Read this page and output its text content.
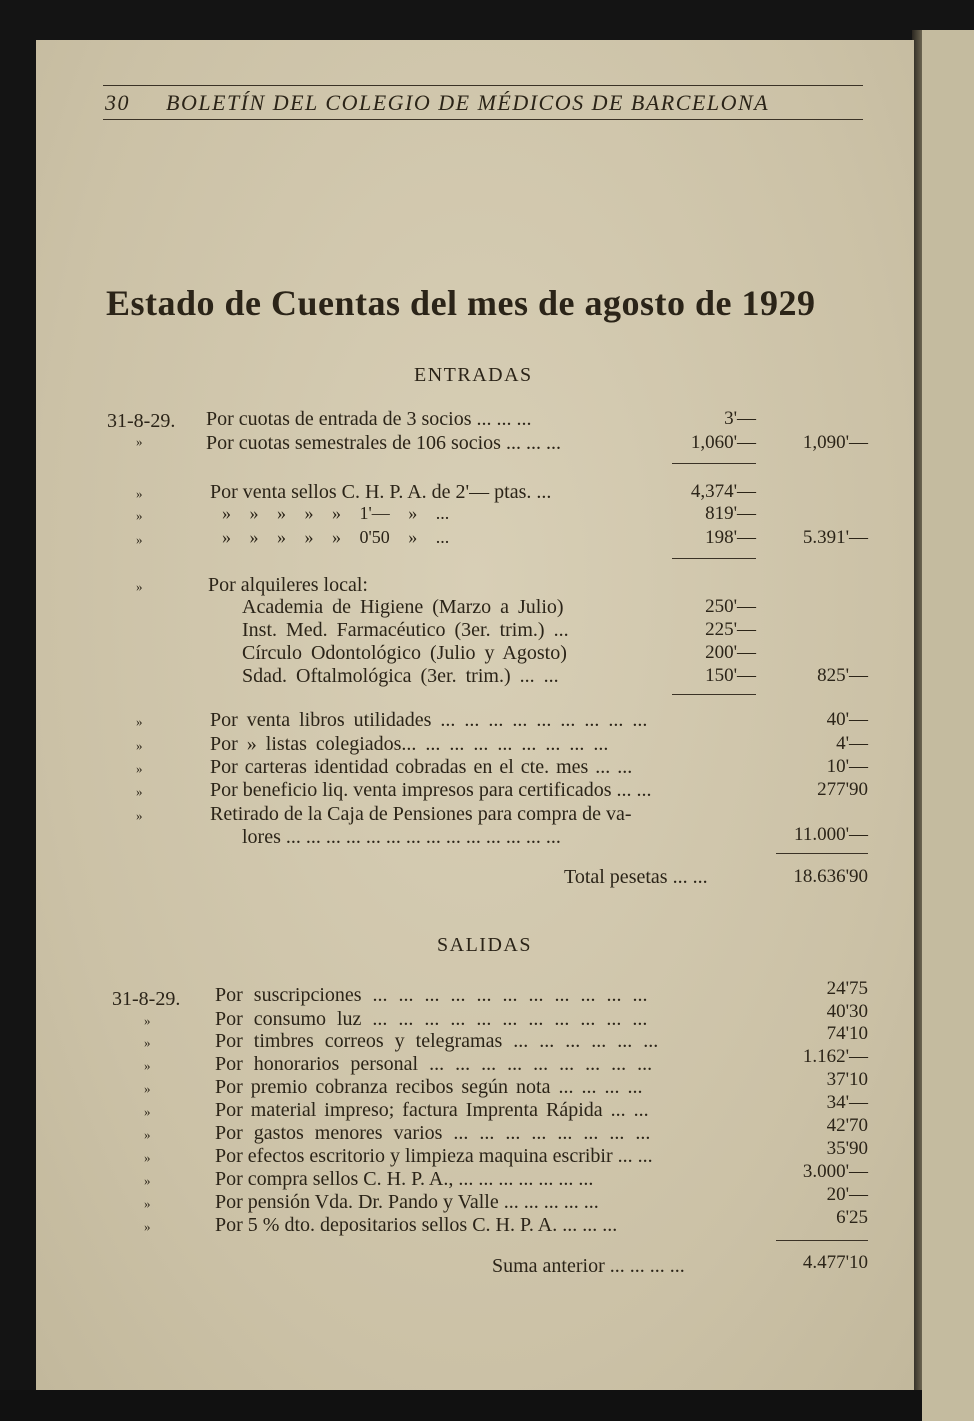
30 BOLETÍN DEL COLEGIO DE MÉDICOS DE BARCELONA
Estado de Cuentas del mes de agosto de 1929
ENTRADAS
31-8-29. Por cuotas de entrada de 3 socios ... ... ...	3'—
»	Por cuotas semestrales de 106 socios ... ... ...	1,060'—	1,090'—
»	Por venta sellos C. H. P. A. de 2'— ptas. ...	4,374'—
»	» » » » » 1'— » ...	819'—
»	» » » » » 0'50 » ...	198'—	5.391'—
»	Por alquileres local:
Academia de Higiene (Marzo a Julio)	250'—
Inst. Med. Farmacéutico (3er. trim.) ...	225'—
Círculo Odontológico (Julio y Agosto)	200'—
Sdad. Oftalmológica (3er. trim.) ... ...	150'—	825'—
»	Por venta libros utilidades ... ... ... ... ... ... ... ... ...	40'—
»	Por » listas colegiados... ... ... ... ... ... ... ... ...	4'—
»	Por carteras identidad cobradas en el cte. mes ... ...	10'—
»	Por beneficio liq. venta impresos para certificados ... ...	277'90
»	Retirado de la Caja de Pensiones para compra de va-
lores ... ... ... ... ... ... ... ... ... ... ... ... ... ...	11.000'—
Total pesetas ... ...	18.636'90
SALIDAS
31-8-29. Por suscripciones ... ... ... ... ... ... ... ... ... ... ...	24'75
»	Por consumo luz ... ... ... ... ... ... ... ... ... ... ...	40'30
»	Por timbres correos y telegramas ... ... ... ... ... ...	74'10
»	Por honorarios personal ... ... ... ... ... ... ... ... ...	1.162'—
»	Por premio cobranza recibos según nota ... ... ... ...	37'10
»	Por material impreso; factura Imprenta Rápida ... ...	34'—
»	Por gastos menores varios ... ... ... ... ... ... ... ...	42'70
»	Por efectos escritorio y limpieza maquina escribir ... ...	35'90
»	Por compra sellos C. H. P. A., ... ... ... ... ... ... ...	3.000'—
»	Por pensión Vda. Dr. Pando y Valle ... ... ... ... ...	20'—
»	Por 5 % dto. depositarios sellos C. H. P. A. ... ... ...	6'25
Suma anterior ... ... ... ...	4.477'10
